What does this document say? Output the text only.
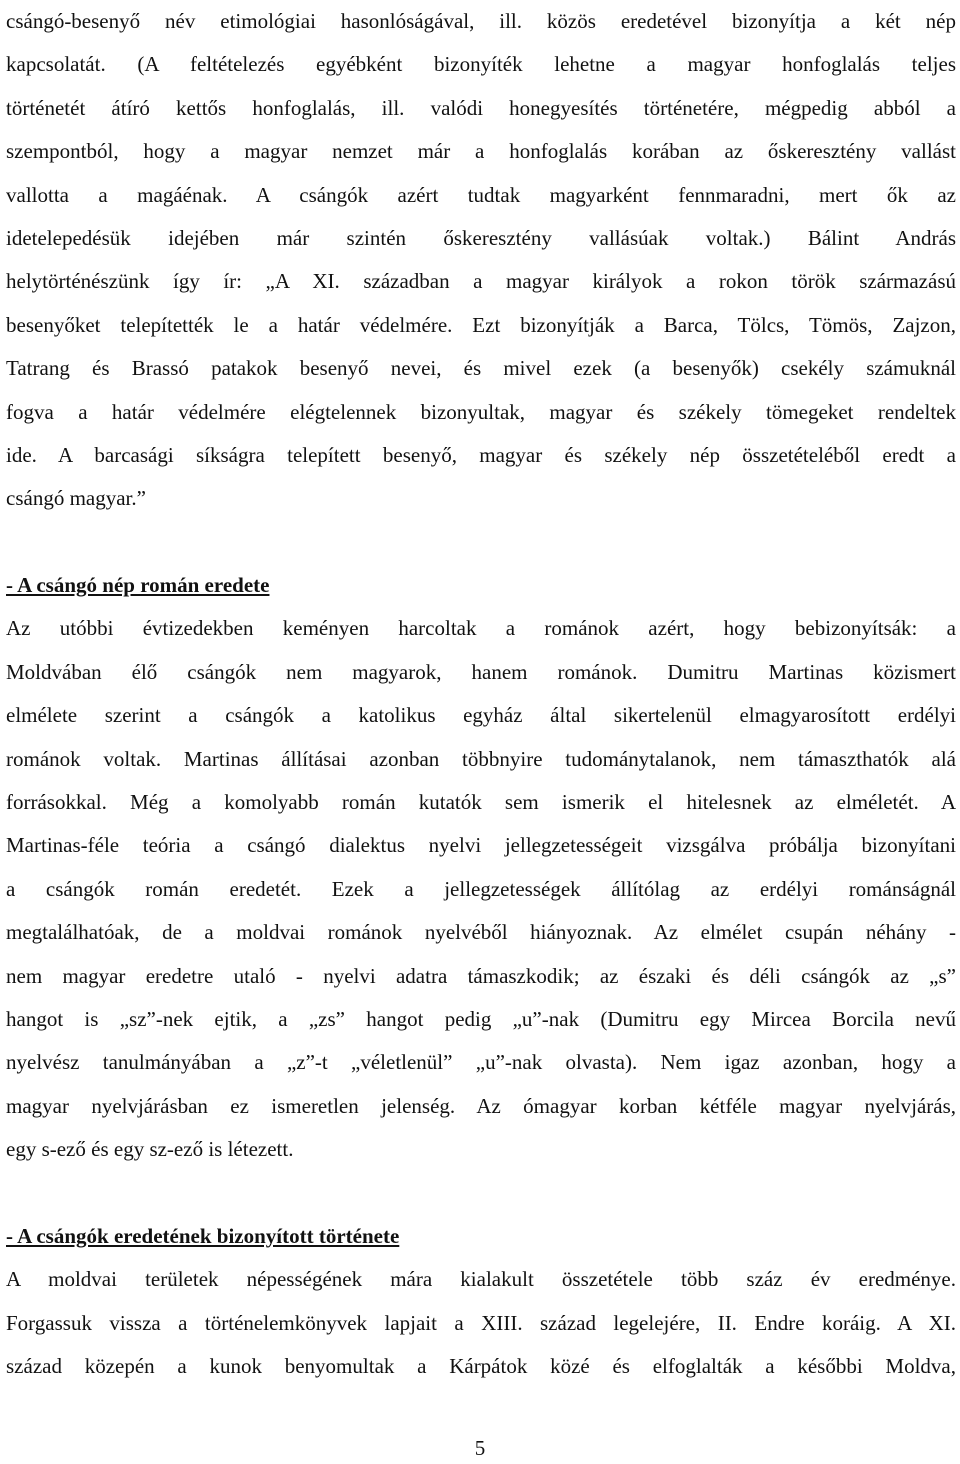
csángó-besenyő név etimológiai hasonlóságával, ill. közös eredetével bizonyítja a két nép
kapcsolatát. (A feltételezés egyébként bizonyíték lehetne a magyar honfoglalás teljes
történetét átíró kettős honfoglalás, ill. valódi honegyesítés történetére, mégpedig abból a
szempontból, hogy a magyar nemzet már a honfoglalás korában az őskeresztény vallást
vallotta a magáénak. A csángók azért tudtak magyarként fennmaradni, mert ők az
idetelepedésük idejében már szintén őskeresztény vallásúak voltak.) Bálint András
helytörténészünk így ír: „A XI. században a magyar királyok a rokon török származású
besenyőket telepítették le a határ védelmére. Ezt bizonyítják a Barca, Tölcs, Tömös, Zajzon,
Tatrang és Brassó patakok besenyő nevei, és mivel ezek (a besenyők) csekély számuknál
fogva a határ védelmére elégtelennek bizonyultak, magyar és székely tömegeket rendeltek
ide. A barcasági síkságra telepített besenyő, magyar és székely nép összetételéből eredt a
csángó magyar.”
- A csángó nép román eredete
Az utóbbi évtizedekben keményen harcoltak a románok azért, hogy bebizonyítsák: a
Moldvában élő csángók nem magyarok, hanem románok. Dumitru Martinas közismert
elmélete szerint a csángók a katolikus egyház által sikertelenül elmagyarosított erdélyi
románok voltak. Martinas állításai azonban többnyire tudománytalanok, nem támaszthatók alá
forrásokkal. Még a komolyabb román kutatók sem ismerik el hitelesnek az elméletét. A
Martinas-féle teória a csángó dialektus nyelvi jellegzetességeit vizsgálva próbálja bizonyítani
a csángók román eredetét. Ezek a jellegzetességek állítólag az erdélyi románságnál
megtalálhatóak, de a moldvai románok nyelvéből hiányoznak. Az elmélet csupán néhány -
nem magyar eredetre utaló - nyelvi adatra támaszkodik; az északi és déli csángók az „s”
hangot is „sz”-nek ejtik, a „zs” hangot pedig „u”-nak (Dumitru egy Mircea Borcila nevű
nyelvész tanulmányában a „z”-t „véletlenül” „u”-nak olvasta). Nem igaz azonban, hogy a
magyar nyelvjárásban ez ismeretlen jelenség. Az ómagyar korban kétféle magyar nyelvjárás,
egy s-ező és egy sz-ező is létezett.
- A csángók eredetének bizonyított története
A moldvai területek népességének mára kialakult összetétele több száz év eredménye.
Forgassuk vissza a történelemkönyvek lapjait a XIII. század legelejére, II. Endre koráig. A XI.
század közepén a kunok benyomultak a Kárpátok közé és elfoglalták a későbbi Moldva,
5
